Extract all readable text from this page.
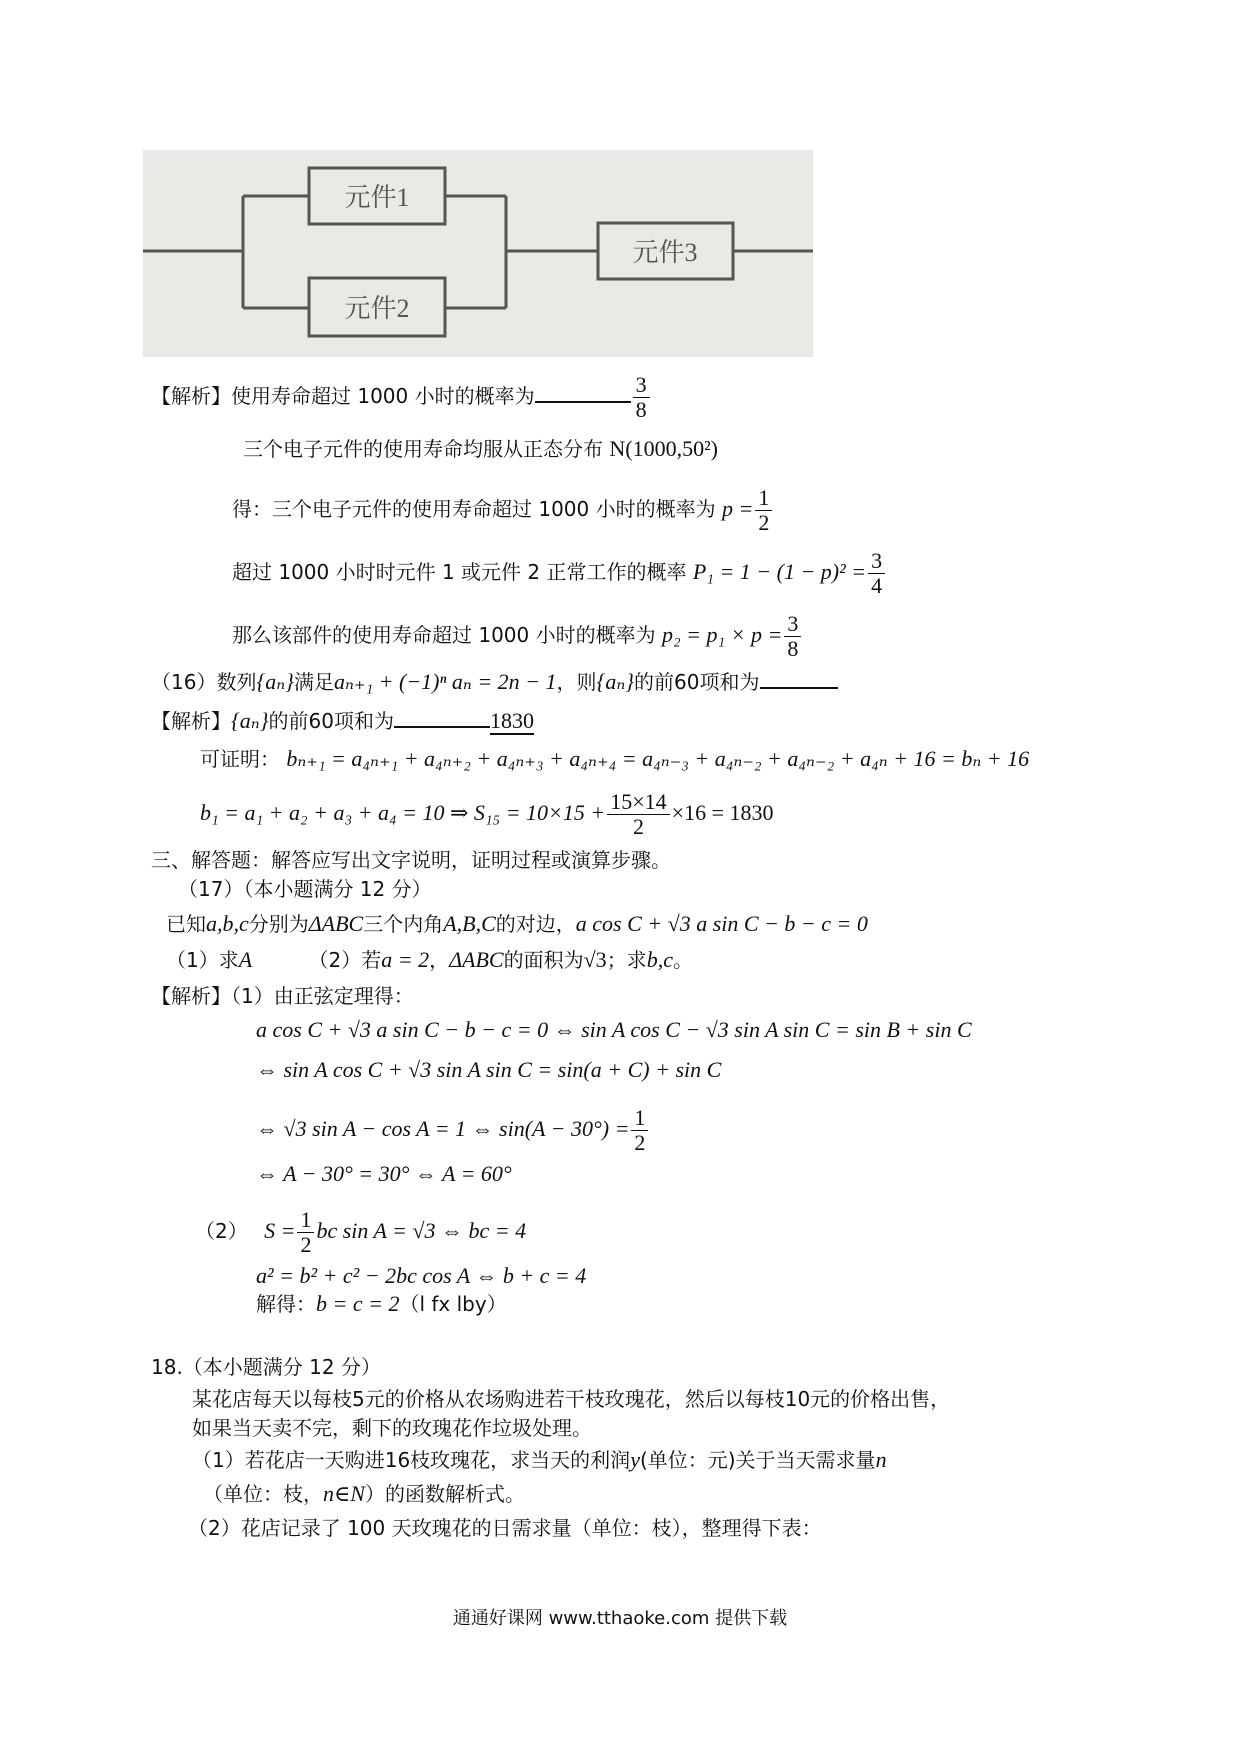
元件1
元件2
元件3
【解析】使用寿命超过 1000 小时的概率为	$\frac{3}{8}$
三个电子元件的使用寿命均服从正态分布 N(1000,50²)
得：三个电子元件的使用寿命超过 1000 小时的概率为 $p = \frac{1}{2}$
超过 1000 小时时元件 1 或元件 2 正常工作的概率 $P_1 = 1 - (1 - p)^2 = \frac{3}{4}$
那么该部件的使用寿命超过 1000 小时的概率为 $p_2 = p_1 \times p = \frac{3}{8}$
（16）数列{aₙ}满足aₙ₊₁ + (−1)ⁿ aₙ = 2n − 1，则{aₙ}的前60项和为
【解析】{aₙ}的前60项和为	1830
可证明： bₙ₊₁ = a₄ₙ₊₁ + a₄ₙ₊₂ + a₄ₙ₊₃ + a₄ₙ₊₄ = a₄ₙ₋₃ + a₄ₙ₋₂ + a₄ₙ₋₂ + a₄ₙ + 16 = bₙ + 16
b₁ = a₁ + a₂ + a₃ + a₄ = 10 ⇒ $S_{15} = 10\times 15 + \frac{15\times 14}{2} \times 16 = 1830$
三、解答题：解答应写出文字说明，证明过程或演算步骤。
（17）（本小题满分 12 分）
已知a,b,c分别为ΔABC三个内角A,B,C的对边，a cos C + √3 a sin C − b − c = 0
（1）求A	（2）若a = 2，ΔABC的面积为√3；求b,c。
【解析】（1）由正弦定理得：
a cos C + √3 a sin C − b − c = 0 ⇔ sin A cos C − √3 sin A sin C = sin B + sin C
⇔ sin A cos C + √3 sin A sin C = sin(a + C) + sin C
⇔ √3 sin A − cos A = 1 ⇔ $\sin(A - 30^\circ) = \frac{1}{2}$
⇔ A − 30° = 30° ⇔ A = 60°
（2） $S = \frac{1}{2}$ bc sin A = √3 ⇔ bc = 4
a² = b² + c² − 2bc cos A ⇔ b + c = 4
解得：b = c = 2（l fx lby）
18.（本小题满分 12 分）
某花店每天以每枝5元的价格从农场购进若干枝玫瑰花，然后以每枝10元的价格出售，
如果当天卖不完，剩下的玫瑰花作垃圾处理。
（1）若花店一天购进16枝玫瑰花，求当天的利润y(单位：元)关于当天需求量n
（单位：枝，n∈N）的函数解析式。
（2）花店记录了 100 天玫瑰花的日需求量（单位：枝），整理得下表：
通通好课网 www.tthaoke.com 提供下载
